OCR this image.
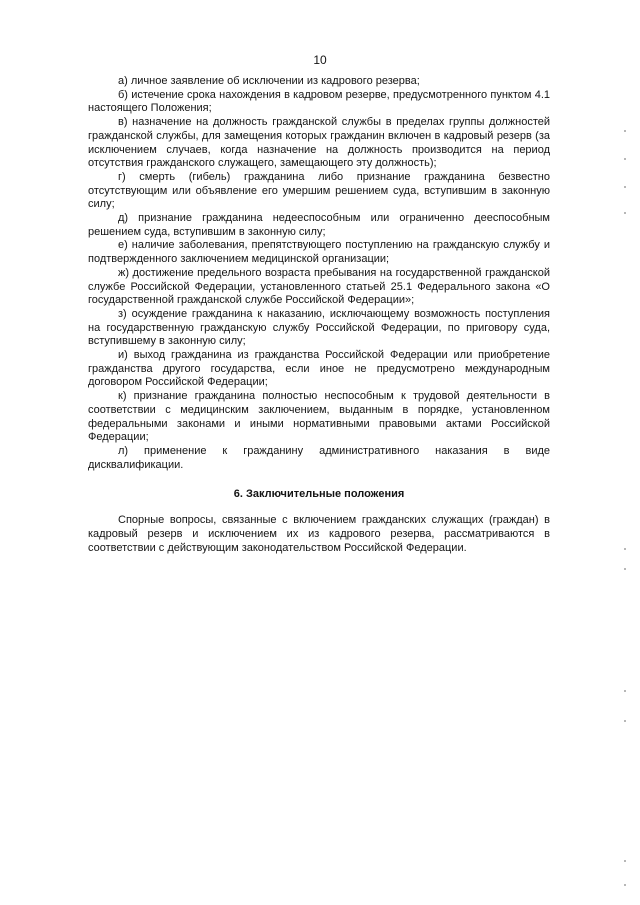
10

а) личное заявление об исключении из кадрового резерва;

б) истечение срока нахождения в кадровом резерве, предусмотренного пунктом 4.1 настоящего Положения;

в) назначение на должность гражданской службы в пределах группы должностей гражданской службы, для замещения которых гражданин включен в кадровый резерв (за исключением случаев, когда назначение на должность производится на период отсутствия гражданского служащего, замещающего эту должность);

г) смерть (гибель) гражданина либо признание гражданина безвестно отсутствующим или объявление его умершим решением суда, вступившим в законную силу;

д) признание гражданина недееспособным или ограниченно дееспособным решением суда, вступившим в законную силу;

е) наличие заболевания, препятствующего поступлению на гражданскую службу и подтвержденного заключением медицинской организации;

ж) достижение предельного возраста пребывания на государственной гражданской службе Российской Федерации, установленного статьей 25.1 Федерального закона «О государственной гражданской службе Российской Федерации»;

з) осуждение гражданина к наказанию, исключающему возможность поступления на государственную гражданскую службу Российской Федерации, по приговору суда, вступившему в законную силу;

и) выход гражданина из гражданства Российской Федерации или приобретение гражданства другого государства, если иное не предусмотрено международным договором Российской Федерации;

к) признание гражданина полностью неспособным к трудовой деятельности в соответствии с медицинским заключением, выданным в порядке, установленном федеральными законами и иными нормативными правовыми актами Российской Федерации;

л) применение к гражданину административного наказания в виде дисквалификации.

6. Заключительные положения

Спорные вопросы, связанные с включением гражданских служащих (граждан) в кадровый резерв и исключением их из кадрового резерва, рассматриваются в соответствии с действующим законодательством Российской Федерации.
